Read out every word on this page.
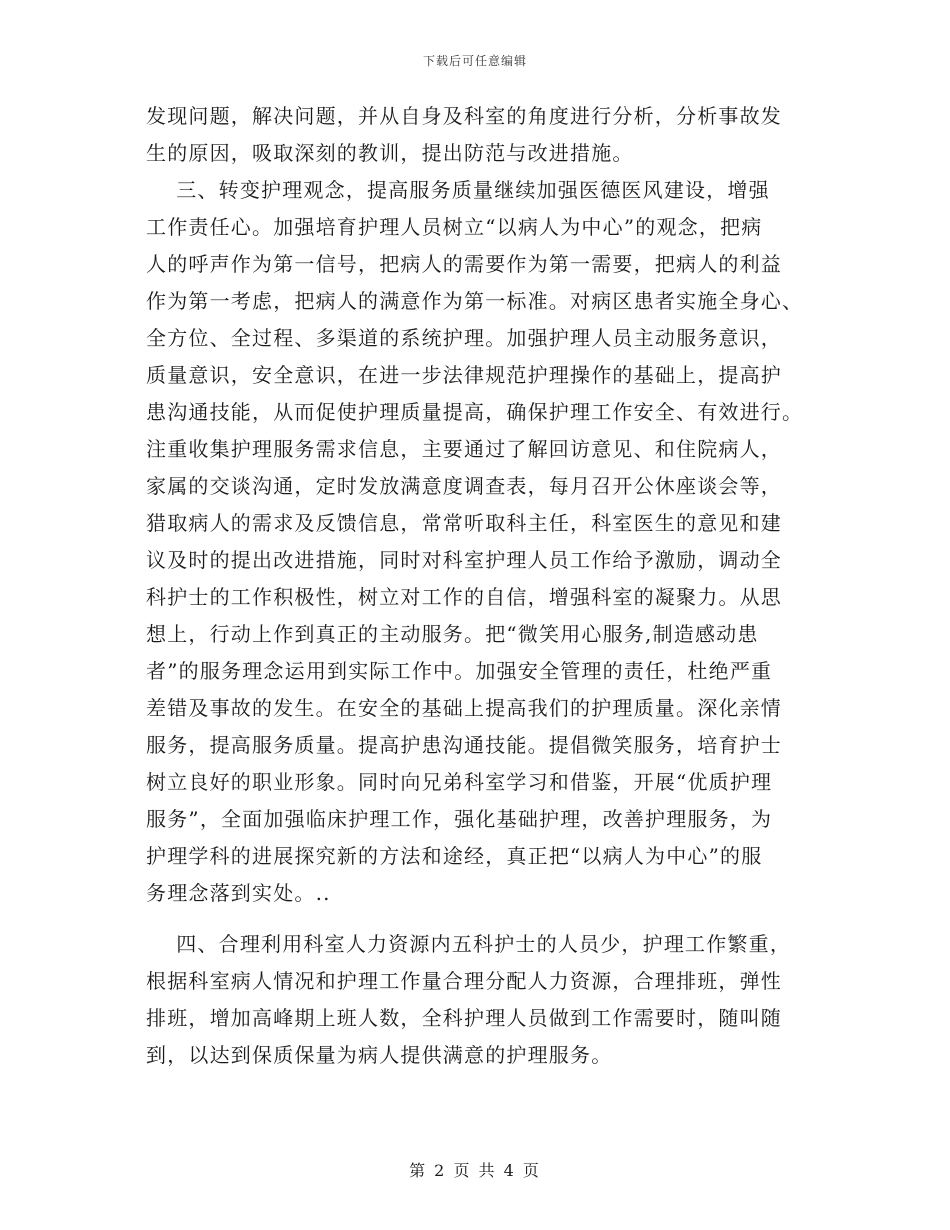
下载后可任意编辑
发现问题，解决问题，并从自身及科室的角度进行分析，分析事故发
生的原因，吸取深刻的教训，提出防范与改进措施。
三、转变护理观念，提高服务质量继续加强医德医风建设，增强
工作责任心。加强培育护理人员树立“以病人为中心”的观念，把病
人的呼声作为第一信号，把病人的需要作为第一需要，把病人的利益
作为第一考虑，把病人的满意作为第一标准。对病区患者实施全身心、
全方位、全过程、多渠道的系统护理。加强护理人员主动服务意识，
质量意识，安全意识，在进一步法律规范护理操作的基础上，提高护
患沟通技能，从而促使护理质量提高，确保护理工作安全、有效进行。
注重收集护理服务需求信息，主要通过了解回访意见、和住院病人，
家属的交谈沟通，定时发放满意度调查表，每月召开公休座谈会等，
猎取病人的需求及反馈信息，常常听取科主任，科室医生的意见和建
议及时的提出改进措施，同时对科室护理人员工作给予激励，调动全
科护士的工作积极性，树立对工作的自信，增强科室的凝聚力。从思
想上，行动上作到真正的主动服务。把“微笑用心服务,制造感动患
者”的服务理念运用到实际工作中。加强安全管理的责任，杜绝严重
差错及事故的发生。在安全的基础上提高我们的护理质量。深化亲情
服务，提高服务质量。提高护患沟通技能。提倡微笑服务，培育护士
树立良好的职业形象。同时向兄弟科室学习和借鉴，开展“优质护理
服务”，全面加强临床护理工作，强化基础护理，改善护理服务，为
护理学科的进展探究新的方法和途经，真正把“以病人为中心”的服
务理念落到实处。..
四、合理利用科室人力资源内五科护士的人员少，护理工作繁重，
根据科室病人情况和护理工作量合理分配人力资源，合理排班，弹性
排班，增加高峰期上班人数，全科护理人员做到工作需要时，随叫随
到，以达到保质保量为病人提供满意的护理服务。
第 2 页 共 4 页
